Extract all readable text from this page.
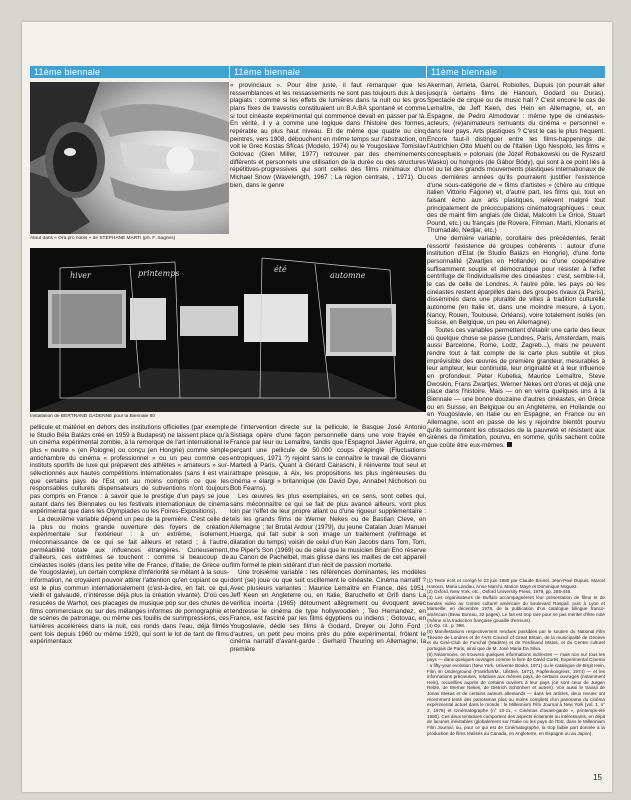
11ème biennale	11ème biennale	11ème biennale
Atout dans « Ora pro nobis » de STEPHANE MARTI (ph. F. Sagnes)
hiver	printemps	été
automne
Installation de BERTRAND GADENNE pour la Biennale 80

« provinciaux ». Pour être juste, il faut remarquer que les ressemblances et les ressassements ne sont pas toujours dus à des plagiats : comme si les effets de lumières dans la nuit ou les gros plans fixes de travestis constituaient un B.A.BA spontané et comme si tout cinéaste expérimental qui commence devait en passer par là. En vérité, il y a comme une logique dans l'histoire des formes, repérable au plus haut niveau. Et de même que quatre ou cinq peintres, vers 1908, débouchent en même temps sur l'abstraction, on voit le Grec Kostas Sfícas (Modelo, 1974) ou le Yougoslave Tomislav Gotovac (Glen Miller, 1977) retrouver par des cheminements différents et personnels une utilisation de la durée ou des structures répétitives-progressives qui sont celles des films minimaux d'un Michael Snow (Wavelength, 1967 ; La région centrale, , 1971). Ou bien, dans le genre

Akerman, Arrieta, Garrel, Robiolles, Dupuis (on pourrait aller jusqu'à certains films de Hanoun, Godard ou Duras). Spectacle de cirque ou de music hall ? C'est encore le cas de Lemaître, de Jeff Keen, des Hein en Allemagne, et, en Espagne, de Pedro Almodovar : même type de cinéastes-acteurs, (re)animateurs remuants du cinéma « personnel » dans leur pays. Arts plastiques ? C'est le cas le plus fréquent. Encore faut-il distinguer entre les films-happenings de l'Autrichien Otto Muehl ou de l'Italien Ugo Nespolo, les films « conceptuels » polonais (de Józef Robakowski ou de Ryszard Wasko) ou hongrois (de Gábor Bódy), qui sont à ce point liés à tel ou tel des grands mouvements plastiques internationaux de ces dernières années qu'ils pourraient justifier l'existence d'une sous-catégorie de « films d'artistes » (chère au critique italien Vittorio Fagone) et, d'autre part, les films qui, tout en faisant écho aux arts plastiques, relèvent malgré tout principalement de préoccupations cinématographiques : ceux des de maint film anglais (de Gidal, Malcolm Le Grice, Stuart Pound, etc.) ou français (de Rovere, Fihman, Marti, Klonaris et Thomadaki, Nedjar, etc.)

Une dernière variable, corollaire des précédentes, ferait ressortir l'existence de groupes cohérents : autour d'une institution d'Etat (le Studio Balázs en Hongrie), d'une forte personnalité (Zwartjes en Hollande) ou d'une coopérative suffisamment souple et démocratique pour résister à l'effet centrifuge de l'individualisme des cinéastes : c'est, semble-t-il, le cas de celle de Londres. A l'autre pôle, les pays où les cinéastes restent éparpillés dans des groupes rivaux (à Paris), disséminés dans une pluralité de villes à tradition culturelle autonome (en Italie et, dans une moindre mesure, à Lyon, Nancy, Rouen, Toulouse, Orléans), voire totalement isolés (en Suisse, en Belgique, un peu en Allemagne).

Toutes ces variables permettent d'établir une carte des lieux où quelque chose se passe (Londres, Paris, Amsterdam, mais aussi Barcelone, Rome, Lodz, Zagreb...), mais ne peuvent rendre tout à fait compte de la carte plus subtile et plus imprévisible des œuvres de première grandeur, mesurables à leur ampleur, leur continuité, leur originalité et à leur influence en profondeur. Peter Kubelka, Maurice Lemaître, Steve Dwoskin, Frans Zwartjes, Werner Nekes ont d'ores et déjà une place dans l'histoire. Mais — on en verra quelques uns à la Biennale — une bonne douzaine d'autres cinéastes, en Grèce ou en Suisse, en Belgique ou en Angleterre, en Hollande ou en Yougoslavie, en Italie ou en Espagne, en France ou en Allemagne, sont en passe de les y rejoindre bientôt pourvu qu'ils surmontent les obstacles de la pauvreté et résistent aux sirènes de l'imitation, pourvu, en somme, qu'ils sachent coûte que coûte être eux-mêmes.

pellicule et matériel en dehors des institutions officielles (par exemple le Studio Béla Balázs créé en 1959 à Budapest) ne laissent place qu'à un cinéma expérimental zombie, à la remorque de l'art international le plus « neutre » (en Pologne) ou conçu (en Hongrie) comme simple antichambre du cinéma « professionnel » ou un peu comme ces instituts sportifs de luxe qui préparent des athlètes « amateurs » sur-sélectionnés aux hautes compétitions internationales (sans il est vrai que certains pays de l'Est ont au moins compris ce que les responsables culturels dispensateurs de subventions n'ont toujours pas compris en France : à savoir que le prestige d'un pays se joue autant dans les Biennales ou les festivals internationaux de cinéma expérimental que dans les Olympiades ou les Foires-Expositions).

La deuxième variable dépend un peu de la première. C'est celle de la plus ou moins grande ouverture des foyers de création expérimentale sur l'extérieur : à un extrême, isolement, méconnaissance de ce qui se fait ailleurs et retard ; à l'autre, perméabilité totale aux influences étrangères. Curieusement, d'ailleurs, ces extrêmes se touchent : comme si beaucoup de cinéastes isolés (dans les petite ville de France, d'Italie, de Grèce ou de Yougoslavie), un certain complexe d'infériorité se mêlant à la sous-information, ne croyaient pouvoir attirer l'attention qu'en copiant ce qui est le plus commun internationalement (c'est-à-dire, en fait, ce qui, vieilli et galvaudé, n'intéresse déjà plus la création vivante). D'où ces resucées de Warhol, ces placages de musique pop sur des chutes de films commerciaux ou sur des mélanges informes de pornographie et de scènes de patronage, ou même ces fouillis de surimpressions, ces lumières accélérées dans la nuit, ces ronds dans l'eau, déjà filmés cent fois depuis 1960 ou même 1920, qui sont le lot de tant de films expérimentaux

de l'intervention directe sur la pellicule, le Basque José Antonio Sistiaga opère d'une façon personnelle dans une voie frayée en France par leur ou Lemaître, tandis que l'Espagnol Javier Aguirre, en perçant une pellicule de 50.000 coups d'épingle (Fluctuations entropiques, 1971 ?) rejoint sans le connaître le travail de Giovanni Martedi à Paris. Quant à Gérard Cairaschi, il réinvente tout seul et rattrape presque, à Aix, les propositions les plus ingénieuses du cinéma « élargi » britannique (de David Dye, Annabel Nicholson ou Bob Fearns).

Les œuvres les plus exemplaires, en ce sens, sont celles qui, sans méconnaître ce qui se fait de plus avancé ailleurs, vont plus loin par l'effet de leur propre allant ou d'une rigueur supplémentaire : tels les grands films de Werner Nekes ou de Bastian Cleve, en Allemagne ; tel Brutal Ardour (1979), du jeune Catalan Juan Manuel Huerga, qui fait subir à son image un traitement (refilmage et dilatation du temps) voisin de celui d'un Ken Jacobs dans Tom, Tom, the Piper's Son (1969) ou de celui que le musicien Brian Eno réserve au Canon de Pachelbel, mais glisse dans les mailles de cet appareil film formel le plein sidérant d'un récit de passion mortelle.

Une troisième variable : les références dominantes, les modèles dont (se) joue ou que suit oscillement le cinéaste. Cinéma narratif ? Avec plusieurs variantes : Maurice Lemaître en France, dès 1951, Jeff Keen en Angleterre ou, en Italie, Baruchello et Grifi dans La verifica incerta (1965) détournent allègrement ou évoquent avec tendresse le cinéma de type hollywoodien ; Teo Hernandez, en France, est fasciné par les films égyptiens ou indiens ; Gotovac, en Yougoslavie, dédie ses films à Godard, Dreyer ou John Ford ; d'autres, un petit peu moins près du pôle expérimental, frôlent le cinéma narratif d'avant-garde : Gerhard Theuring en Allemagne, la première

(1) Texte écrit et corrigé le 23 juin 1980 par Claude Brunel, Jean-Paul Dupuis, Marcel Hanoun, Maria Landau, Anne Marchi, Marion Maye et Dominique Noguez.

(2) Oxford, New York, etc., Oxford University Press, 1979, pp. 286-446.

(3) Les organisateurs de Buffalo accompagnèrent leur présentation de films et de bandes vidéo au Centre culturel américain du boulevard Raspail, puis à Lyon et Marseille, en décembre 1978, de la publication d'un catalogue bilingue franco-américain (Beau Bureau, 32 pages). Le fait est trop rare pour ne pas mériter d'être noté (même si la traduction française gouaille d'erreurs).

(4) Op. cit., p. 398.

(5) Manifestations respectivement rendues possibles par le soutien du National Film Theatre de Londres et de l'Arts Council of Great Britain, de la municipalité de Genève et du Ciné-Club de Funchal (Madère) et de Ferdinand Matos, et du Centre culturel portugais de Paris, ainsi que de M. José Maria Da Silva.

(6) Néanmoins, on trouvera quelques informations indirectes — mais non sur tous les pays — dans quelques ouvrages comme le livre de David Curtis, Experimental Cinema : a fifty-year evolution (New York, Universe Books, 1971) ou le catalogue de Birgit Hein, Film im Underground (Frankfurt/M., Ullstein, 1971), Papfenkongress, 1974) — et les informations précieuses, relatives aux mêmes pays, de certains ouvrages (notamment Hein), recueillies auprès de certains ouvriers à leur pays (ce sont ceux de Jurgen Reble, de Werner Nekes, de Dietrich Schönherr et autres). Voir aussi le travail de Jonas Mekas et de certains auteurs allemands — dans les articles, deux revues ont récemment tenté des panoramas plus ou moins complets d'un panorama du cinéma expérimental actuel dans le monde : le Millennium Film Journal à New York (vol. 1, n° 2, 1978) et Cinématographe (n° 10-11, « Cinémas d'avant-garde », printemps-été 1980). Ces deux tentatives comportent des aspects éclairants ou intéressants, en dépit de lacunes inévitables (globalement sur l'Italie ou les pays de l'Est, dans le Millennium Film Journal, ou, pour ce qui est de Cinématographe, la trop faible part donnée à la production de films réalisés au Canada, en Angleterre, en Espagne ou au Japon).

15
